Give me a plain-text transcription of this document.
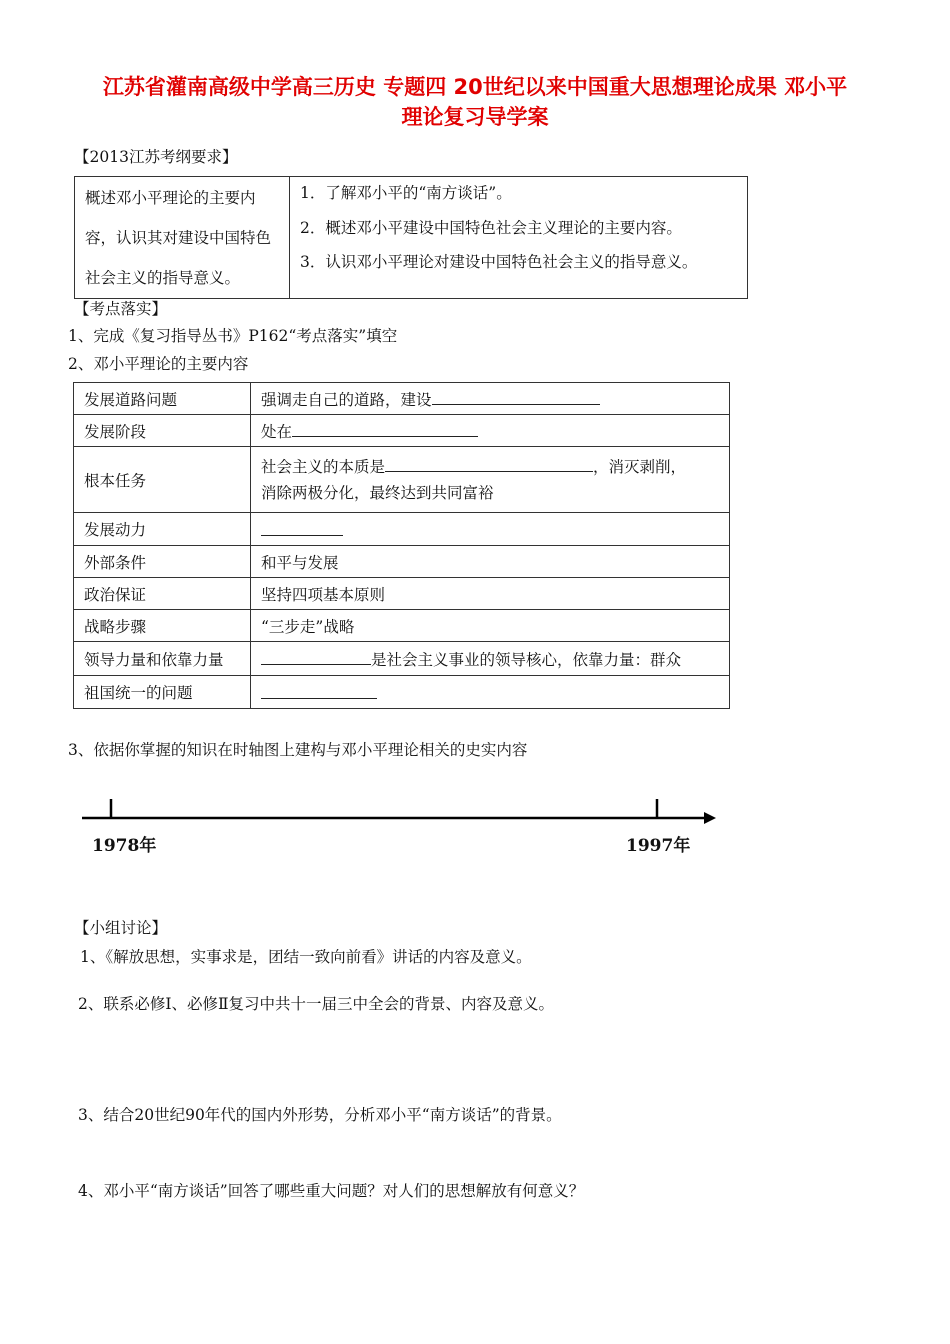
江苏省灌南高级中学高三历史 专题四 20世纪以来中国重大思想理论成果 邓小平
理论复习导学案
【2013江苏考纲要求】
概述邓小平理论的主要内容，认识其对建设中国特色社会主义的指导意义。	

1．了解邓小平的“南方谈话”。

2．概述邓小平建设中国特色社会主义理论的主要内容。

3．认识邓小平理论对建设中国特色社会主义的指导意义。

【考点落实】
1、完成《复习指导丛书》P162“考点落实”填空
2、邓小平理论的主要内容
发展道路问题	强调走自己的道路，建设
发展阶段	处在
根本任务	社会主义的本质是 ，消灭剥削，
消除两极分化，最终达到共同富裕

发展动力	
外部条件	和平与发展
政治保证	坚持四项基本原则
战略步骤	“三步走”战略
领导力量和依靠力量	是社会主义事业的领导核心，依靠力量：群众
祖国统一的问题	
3、依据你掌握的知识在时轴图上建构与邓小平理论相关的史实内容
1978年	1997年
【小组讨论】
1、《解放思想，实事求是，团结一致向前看》讲话的内容及意义。
2、联系必修Ⅰ、必修Ⅱ复习中共十一届三中全会的背景、内容及意义。
3、结合20世纪90年代的国内外形势，分析邓小平“南方谈话”的背景。
4、邓小平“南方谈话”回答了哪些重大问题？对人们的思想解放有何意义？
